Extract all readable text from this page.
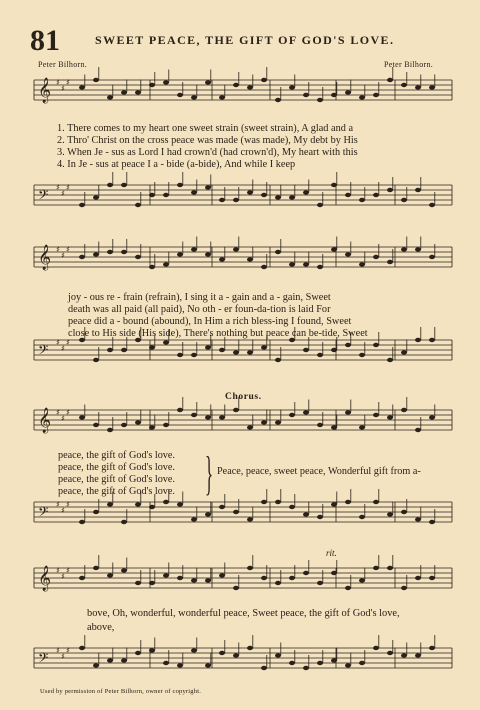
81	SWEET PEACE, THE GIFT OF GOD'S LOVE.
Peter Bilhorn.	Peter Bilhorn.
𝄞 ♯
♯
♯
𝄢 ♯
♯
♯
𝄞 ♯
♯
♯
𝄢 ♯
♯
♯
𝄞 ♯
♯
♯
𝄢 ♯
♯
♯
𝄞 ♯
♯
♯
𝄢 ♯
♯
♯
1. There comes to my heart one sweet strain (sweet strain), A glad and a
2. Thro' Christ on the cross peace was made (was made), My debt by His
3. When Je - sus as Lord I had crown'd (had crown'd), My heart with this
4. In Je - sus at peace I a - bide (a-bide), And while I keep
joy - ous re - frain (refrain), I sing it a - gain and a - gain, Sweet
death was all paid (all paid), No oth - er foun-da-tion is laid For
peace did a - bound (abound), In Him a rich bless-ing I found, Sweet
close to His side (His side), There's nothing but peace can be-tide, Sweet
Chorus.
peace, the gift of God's love.
peace, the gift of God's love.
peace, the gift of God's love.
peace, the gift of God's love. } Peace, peace, sweet peace, Wonderful gift from a-
rit.
bove, Oh, wonderful, wonderful peace, Sweet peace, the gift of God's love,
above,
Used by permission of Peter Bilhorn, owner of copyright.
